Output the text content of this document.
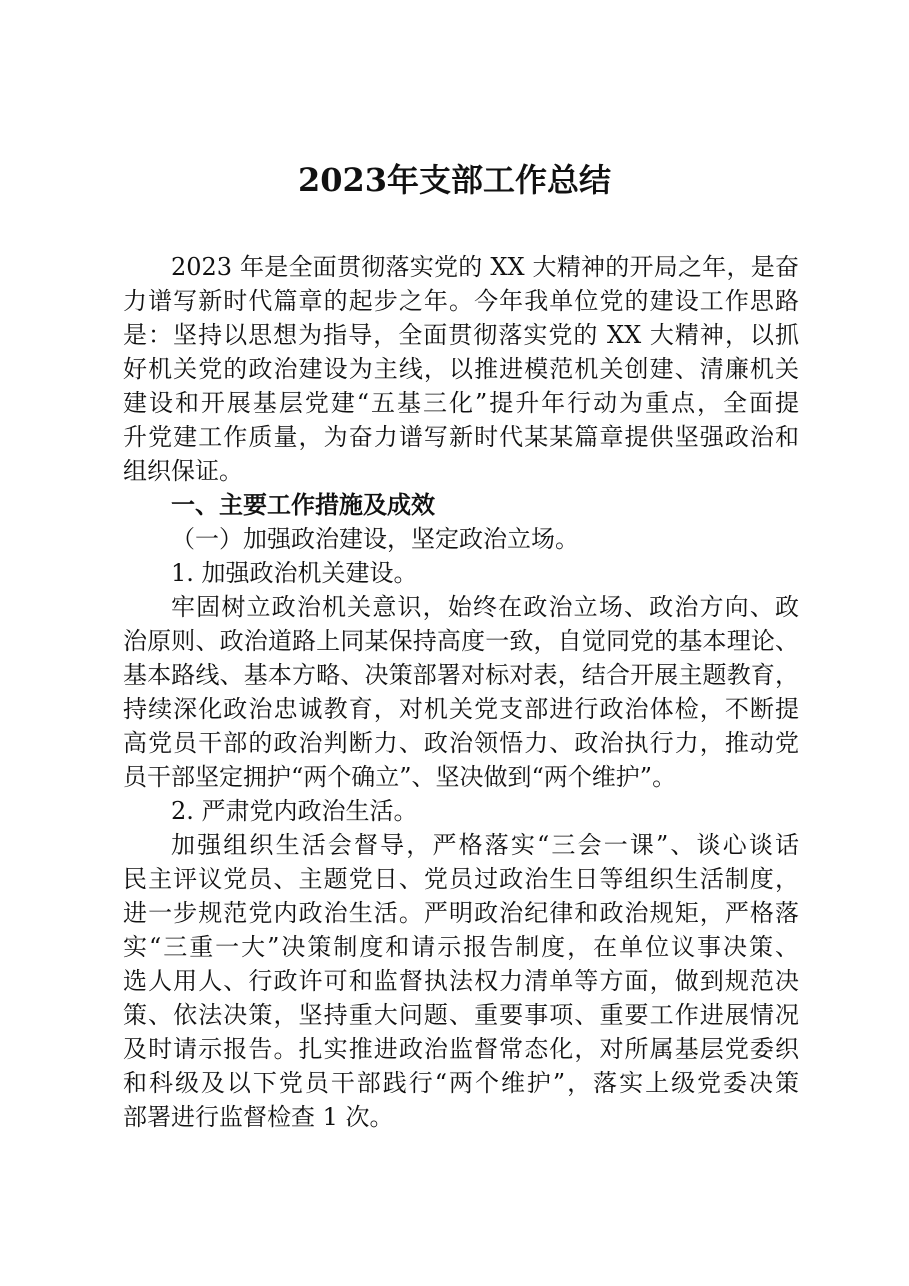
2023年支部工作总结
2023 年是全面贯彻落实党的 XX 大精神的开局之年，是奋
力谱写新时代篇章的起步之年。今年我单位党的建设工作思路
是：坚持以思想为指导，全面贯彻落实党的 XX 大精神，以抓
好机关党的政治建设为主线，以推进模范机关创建、清廉机关
建设和开展基层党建“五基三化”提升年行动为重点，全面提
升党建工作质量，为奋力谱写新时代某某篇章提供坚强政治和
组织保证。
一、主要工作措施及成效
（一）加强政治建设，坚定政治立场。
1. 加强政治机关建设。
牢固树立政治机关意识，始终在政治立场、政治方向、政
治原则、政治道路上同某保持高度一致，自觉同党的基本理论、
基本路线、基本方略、决策部署对标对表，结合开展主题教育，
持续深化政治忠诚教育，对机关党支部进行政治体检，不断提
高党员干部的政治判断力、政治领悟力、政治执行力，推动党
员干部坚定拥护“两个确立”、坚决做到“两个维护”。
2. 严肃党内政治生活。
加强组织生活会督导，严格落实“三会一课”、谈心谈话
民主评议党员、主题党日、党员过政治生日等组织生活制度，
进一步规范党内政治生活。严明政治纪律和政治规矩，严格落
实“三重一大”决策制度和请示报告制度，在单位议事决策、
选人用人、行政许可和监督执法权力清单等方面，做到规范决
策、依法决策，坚持重大问题、重要事项、重要工作进展情况
及时请示报告。扎实推进政治监督常态化，对所属基层党委织
和科级及以下党员干部践行“两个维护”，落实上级党委决策
部署进行监督检查 1 次。
